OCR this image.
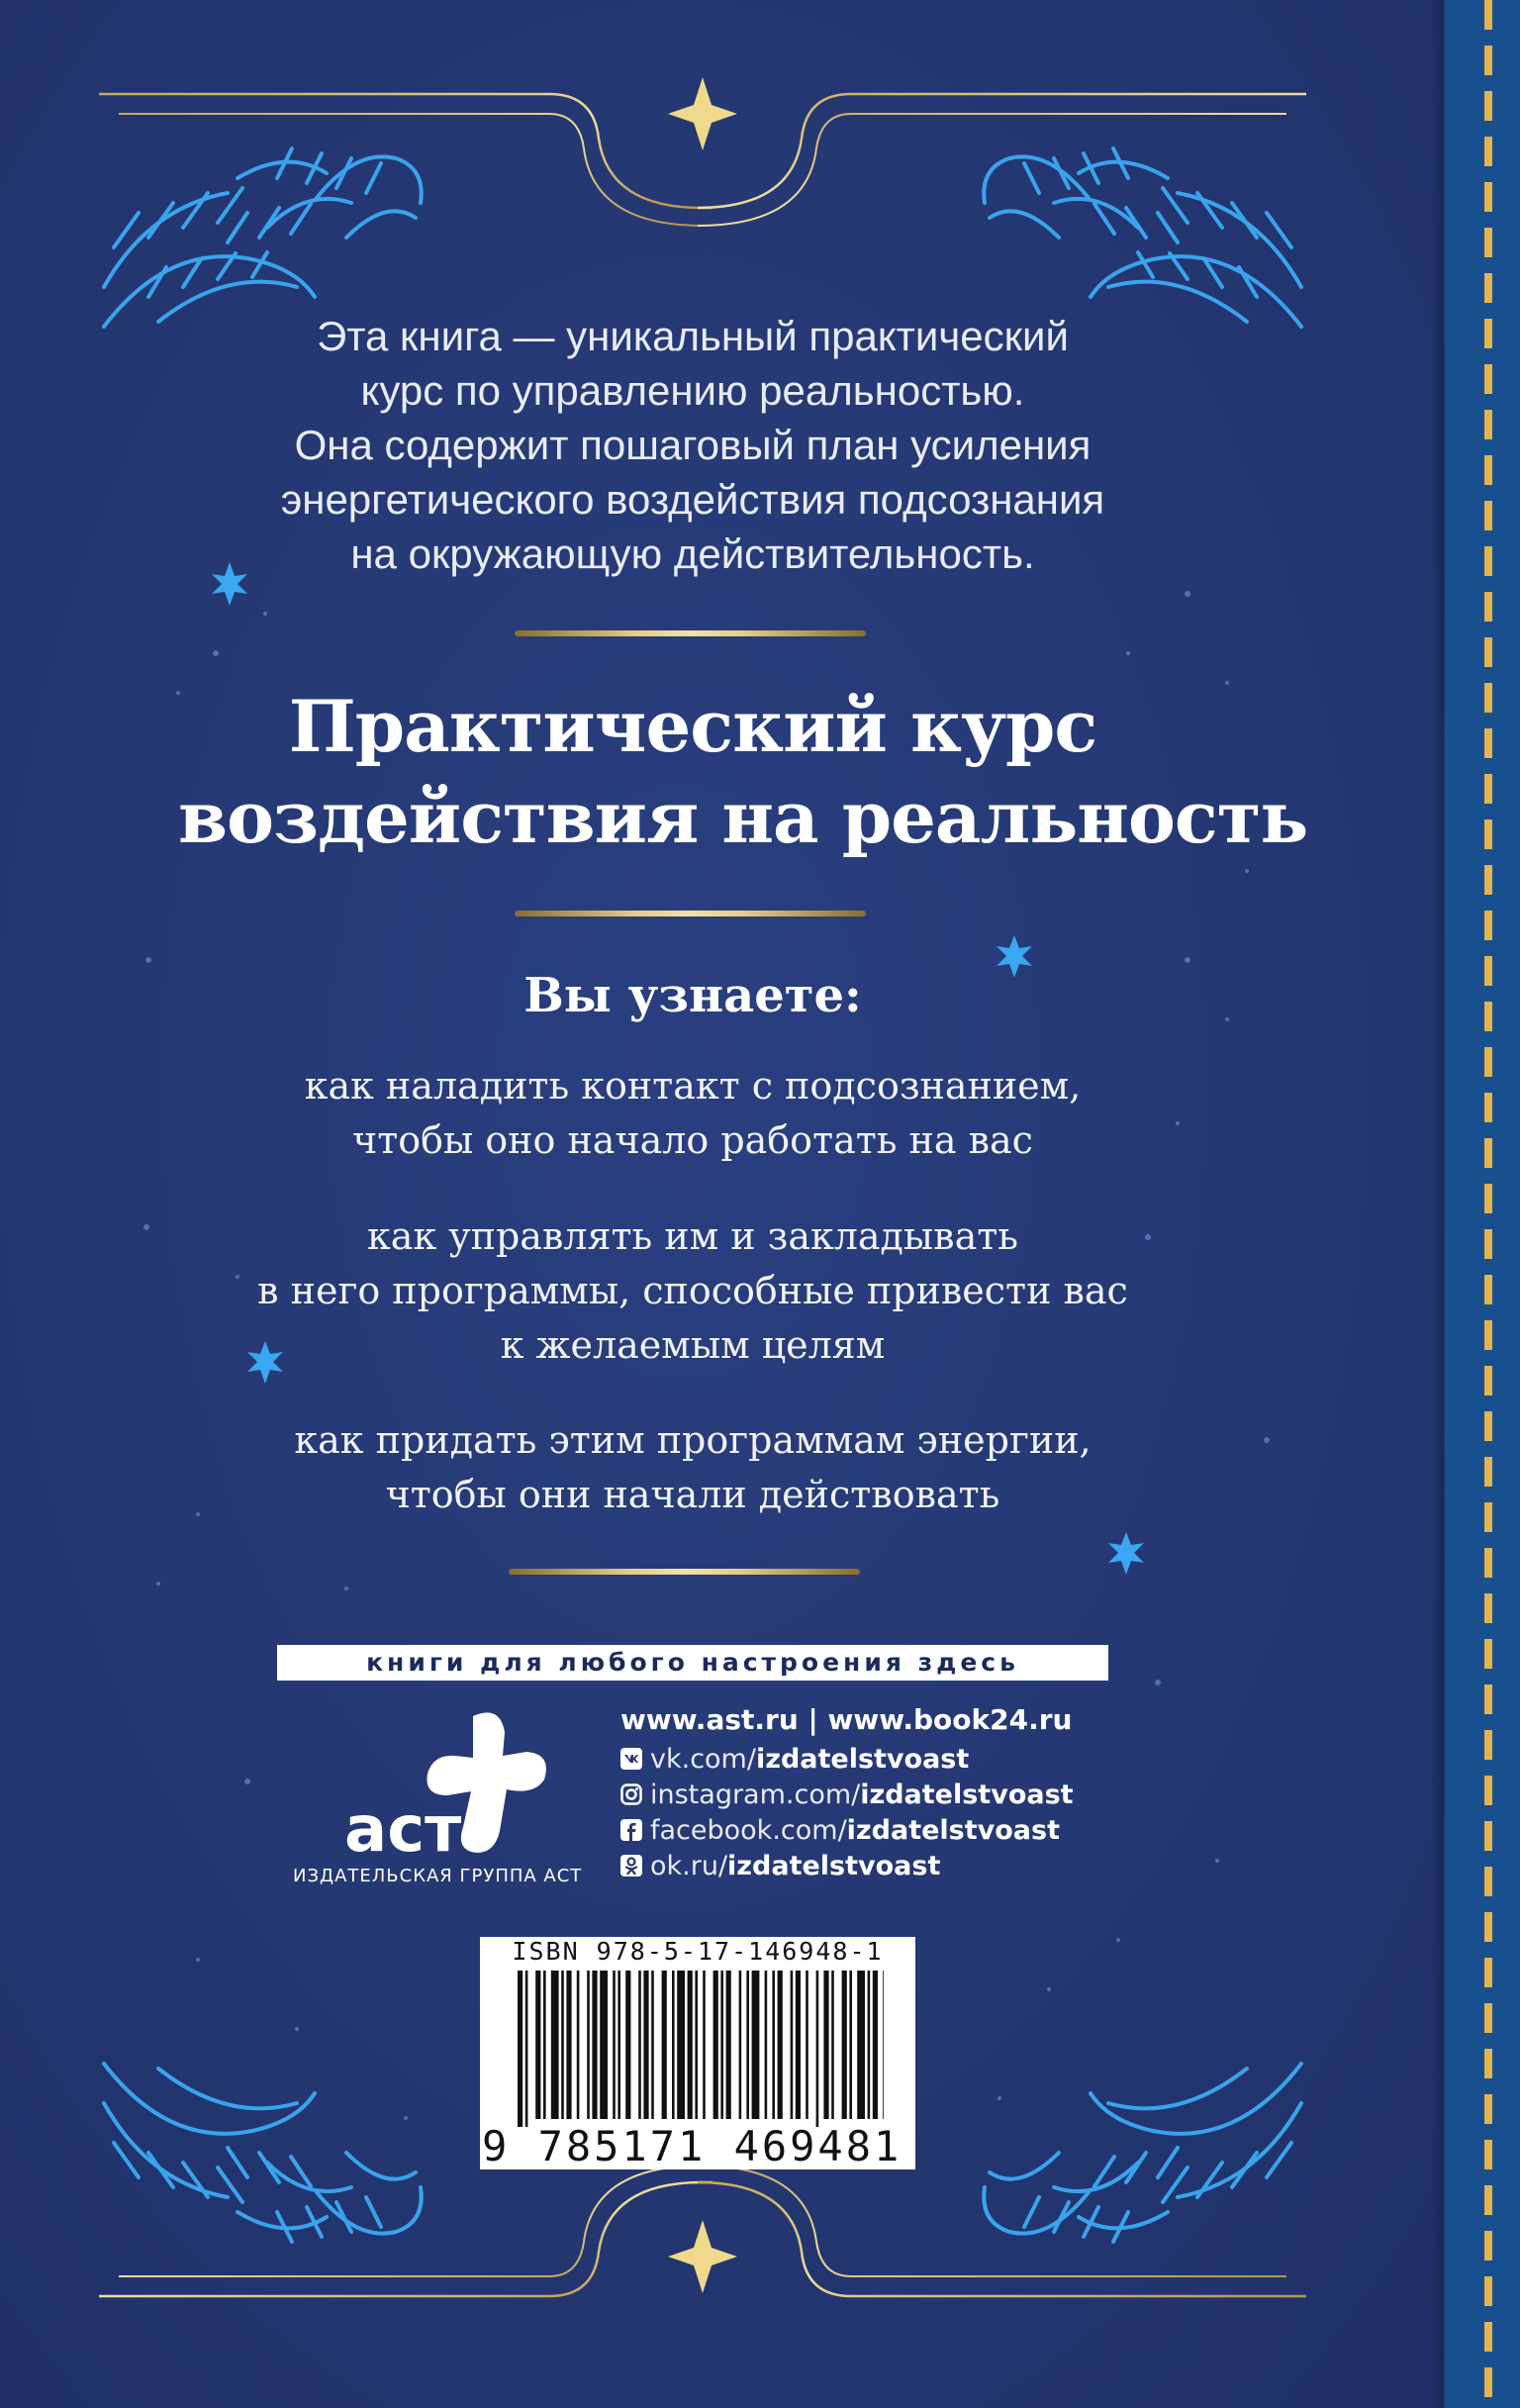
Эта книга — уникальный практический
курс по управлению реальностью.
Она содержит пошаговый план усиления
энергетического воздействия подсознания
на окружающую действительность.
Практический курс
воздействия на реальность
Вы узнаете:
как наладить контакт с подсознанием,
чтобы оно начало работать на вас
как управлять им и закладывать
в него программы, способные привести вас
к желаемым целям
как придать этим программам энергии,
чтобы они начали действовать
книги для любого настроения здесь
аст
ИЗДАТЕЛЬСКАЯ ГРУППА АСТ
www.ast.ru | www.book24.ru
vk.com/ izdatelstvoast
instagram.com/ izdatelstvoast
facebook.com/ izdatelstvoast
ok.ru/ izdatelstvoast
ISBN 978-5-17-146948-1
9 785171 469481
